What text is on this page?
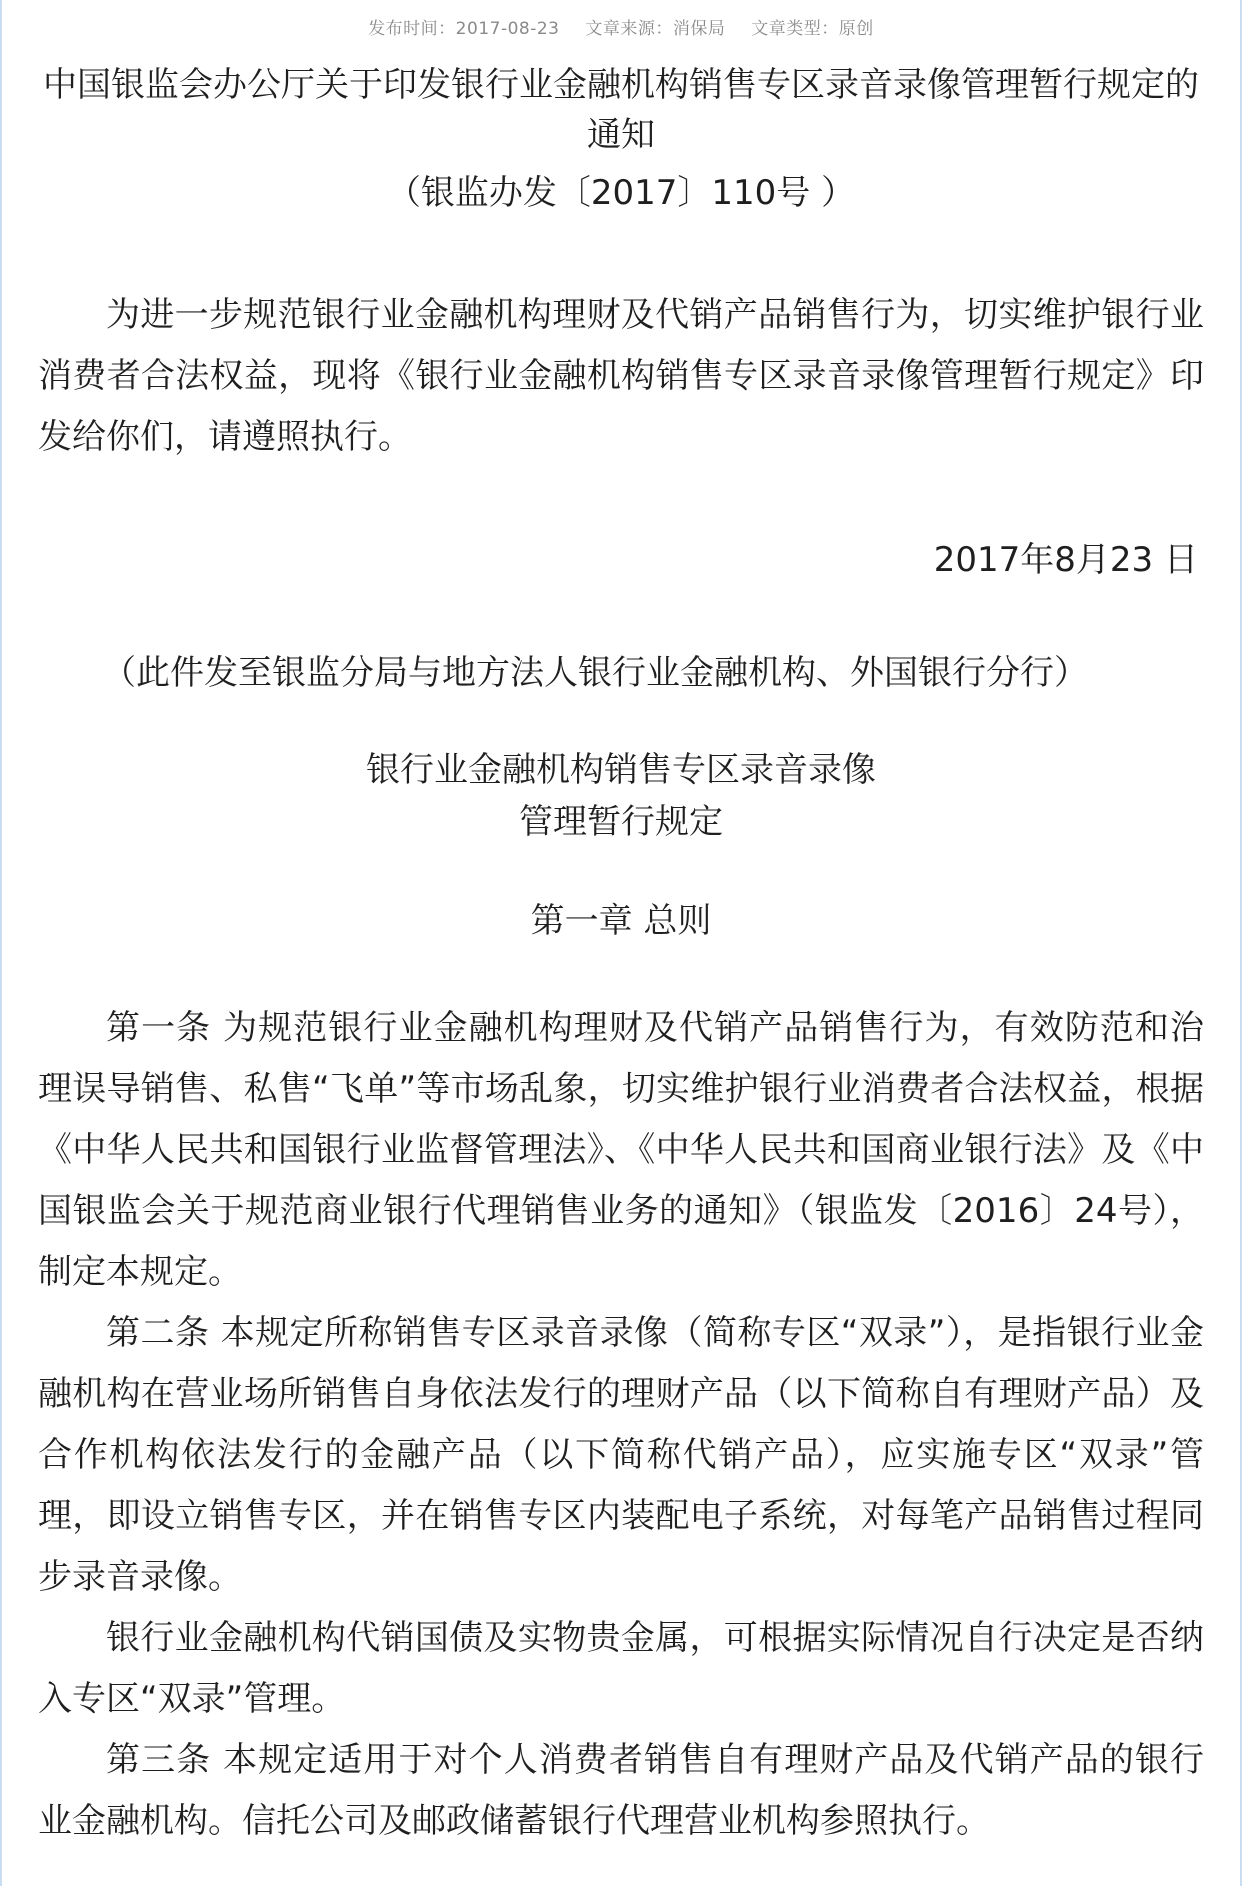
发布时间：2017-08-23 文章来源：消保局 文章类型：原创
中国银监会办公厅关于印发银行业金融机构销售专区录音录像管理暂行规定的通知
（银监办发〔2017〕110号 ）

为进一步规范银行业金融机构理财及代销产品销售行为，切实维护银行业消费者合法权益，现将《银行业金融机构销售专区录音录像管理暂行规定》印发给你们，请遵照执行。

2017年8月23 日
（此件发至银监分局与地方法人银行业金融机构、外国银行分行）
银行业金融机构销售专区录音录像
管理暂行规定
第一章 总则

第一条 为规范银行业金融机构理财及代销产品销售行为，有效防范和治理误导销售、私售“飞单”等市场乱象，切实维护银行业消费者合法权益，根据《中华人民共和国银行业监督管理法》、《中华人民共和国商业银行法》及《中国银监会关于规范商业银行代理销售业务的通知》（银监发〔2016〕24号），制定本规定。

第二条 本规定所称销售专区录音录像（简称专区“双录”），是指银行业金融机构在营业场所销售自身依法发行的理财产品（以下简称自有理财产品）及合作机构依法发行的金融产品（以下简称代销产品），应实施专区“双录”管理，即设立销售专区，并在销售专区内装配电子系统，对每笔产品销售过程同步录音录像。

银行业金融机构代销国债及实物贵金属，可根据实际情况自行决定是否纳入专区“双录”管理。

第三条 本规定适用于对个人消费者销售自有理财产品及代销产品的银行业金融机构。信托公司及邮政储蓄银行代理营业机构参照执行。
